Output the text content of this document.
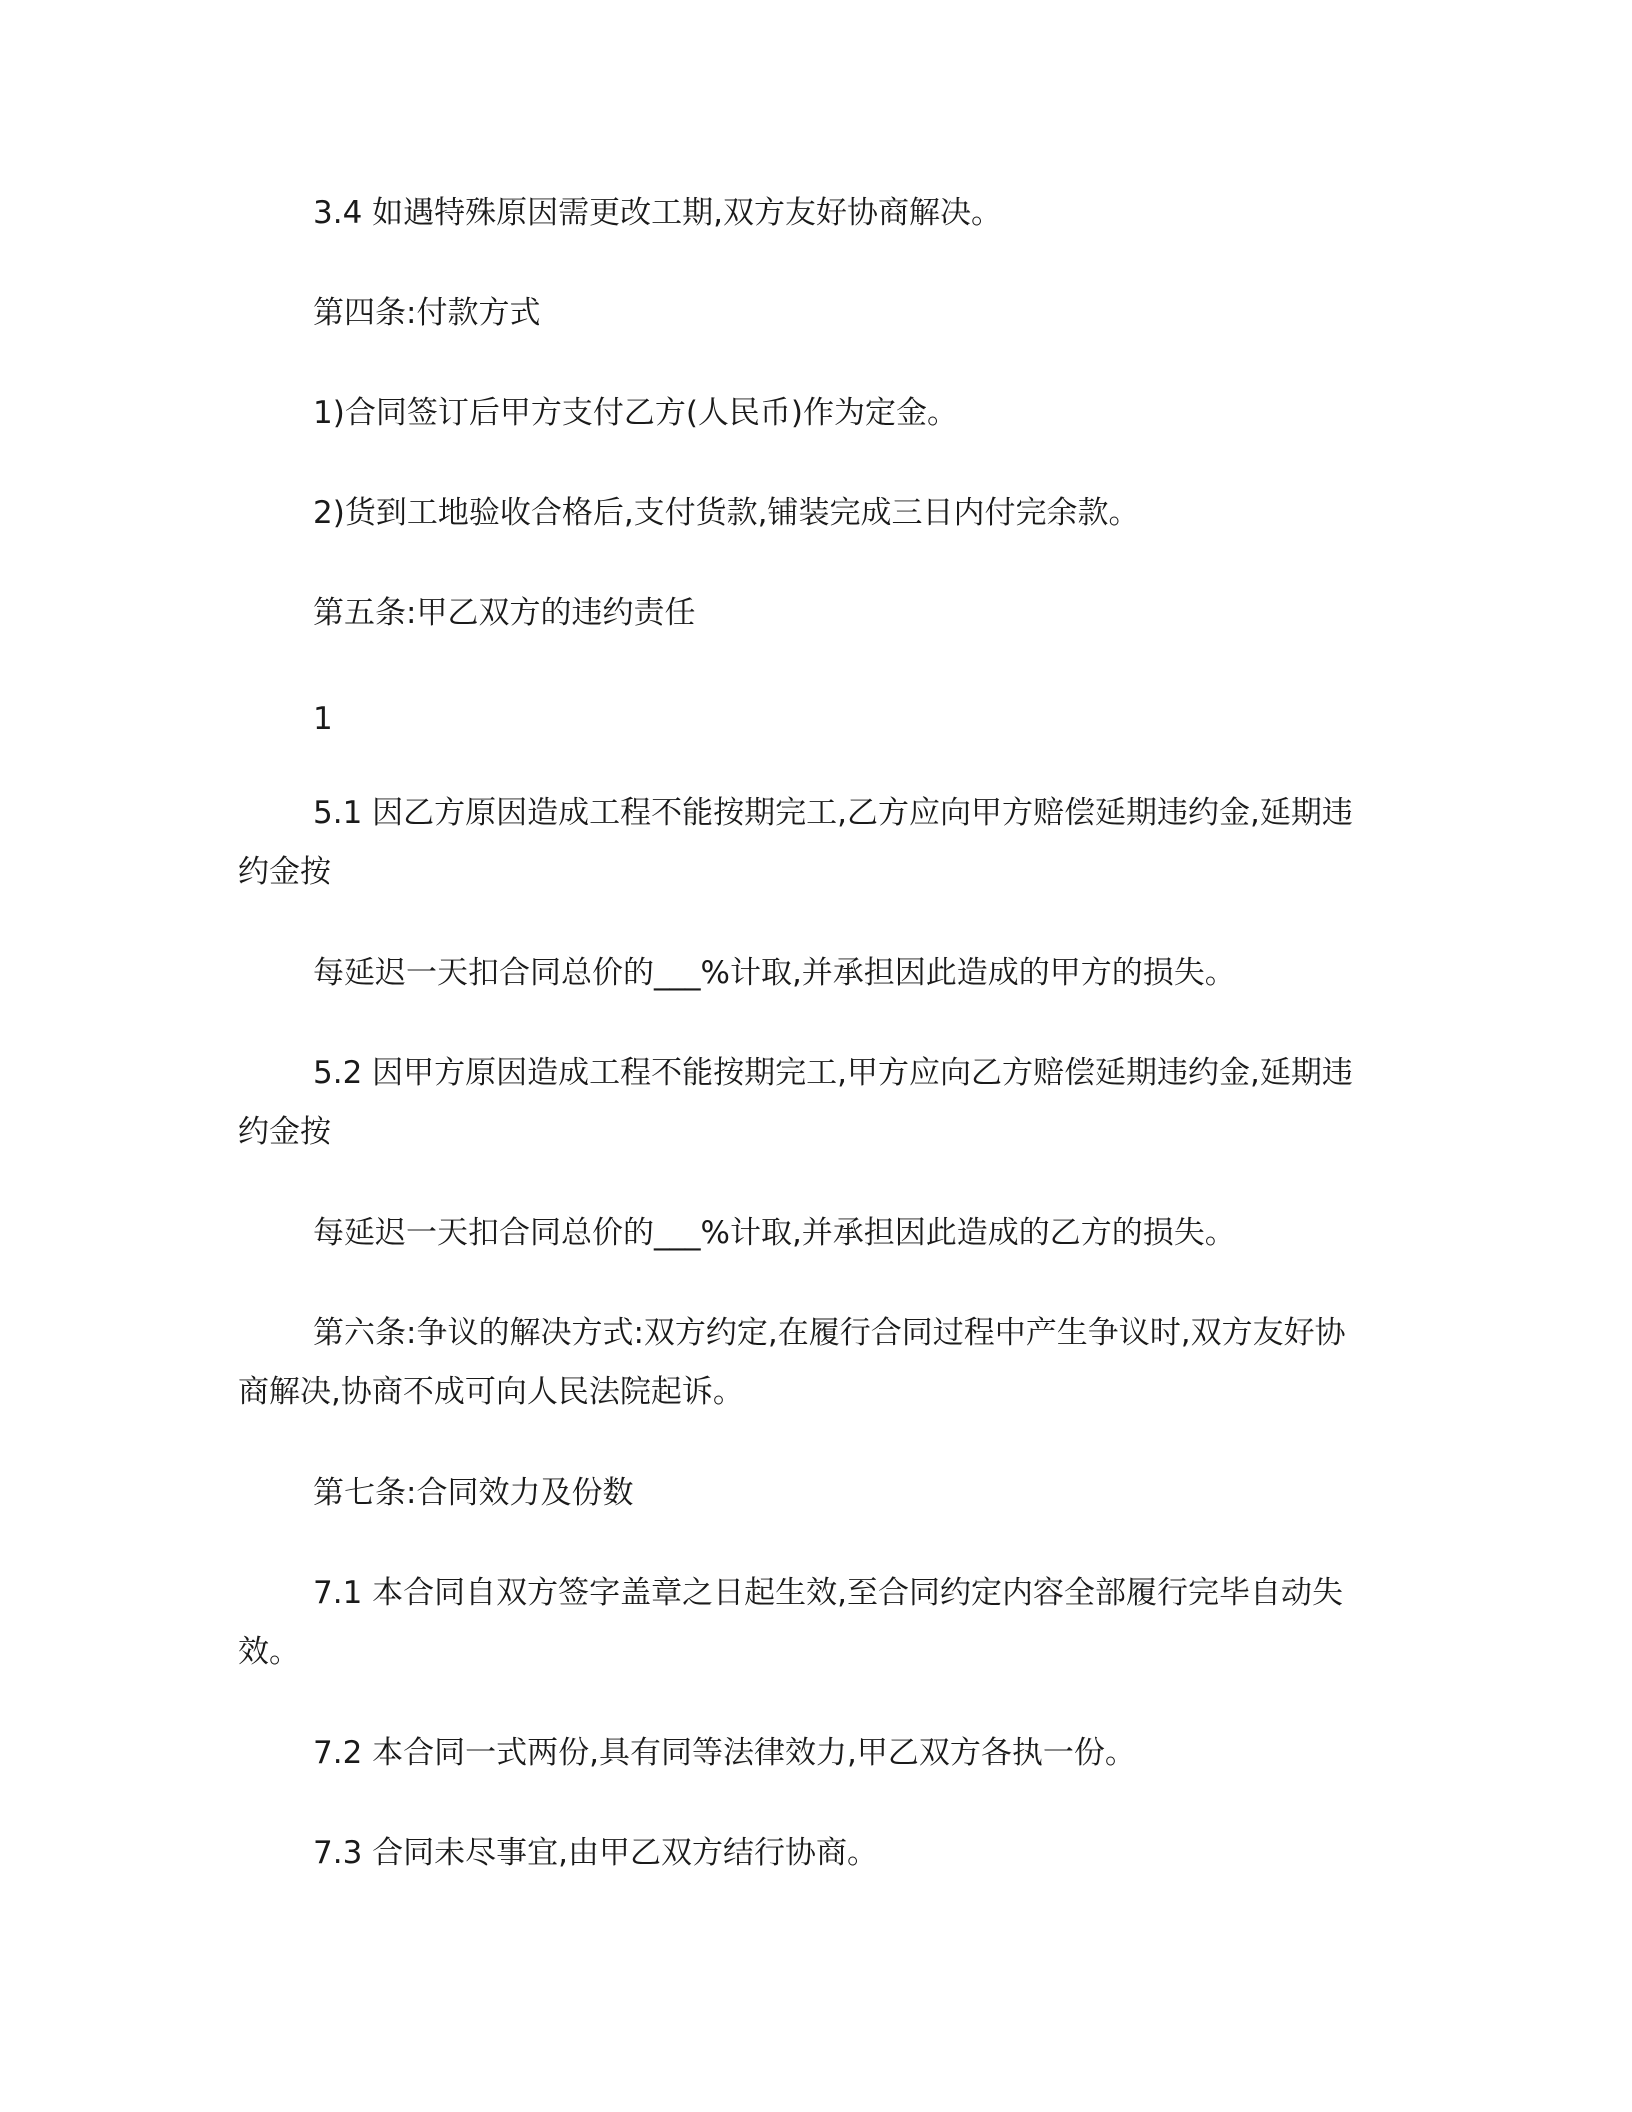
3.4 如遇特殊原因需更改工期,双方友好协商解决。

第四条:付款方式

1)合同签订后甲方支付乙方(人民币)作为定金。

2)货到工地验收合格后,支付货款,铺装完成三日内付完余款。

第五条:甲乙双方的违约责任

1

5.1 因乙方原因造成工程不能按期完工,乙方应向甲方赔偿延期违约金,延期违

约金按

每延迟一天扣合同总价的___%计取,并承担因此造成的甲方的损失。

5.2 因甲方原因造成工程不能按期完工,甲方应向乙方赔偿延期违约金,延期违

约金按

每延迟一天扣合同总价的___%计取,并承担因此造成的乙方的损失。

第六条:争议的解决方式:双方约定,在履行合同过程中产生争议时,双方友好协

商解决,协商不成可向人民法院起诉。

第七条:合同效力及份数

7.1 本合同自双方签字盖章之日起生效,至合同约定内容全部履行完毕自动失

效。

7.2 本合同一式两份,具有同等法律效力,甲乙双方各执一份。

7.3 合同未尽事宜,由甲乙双方结行协商。
